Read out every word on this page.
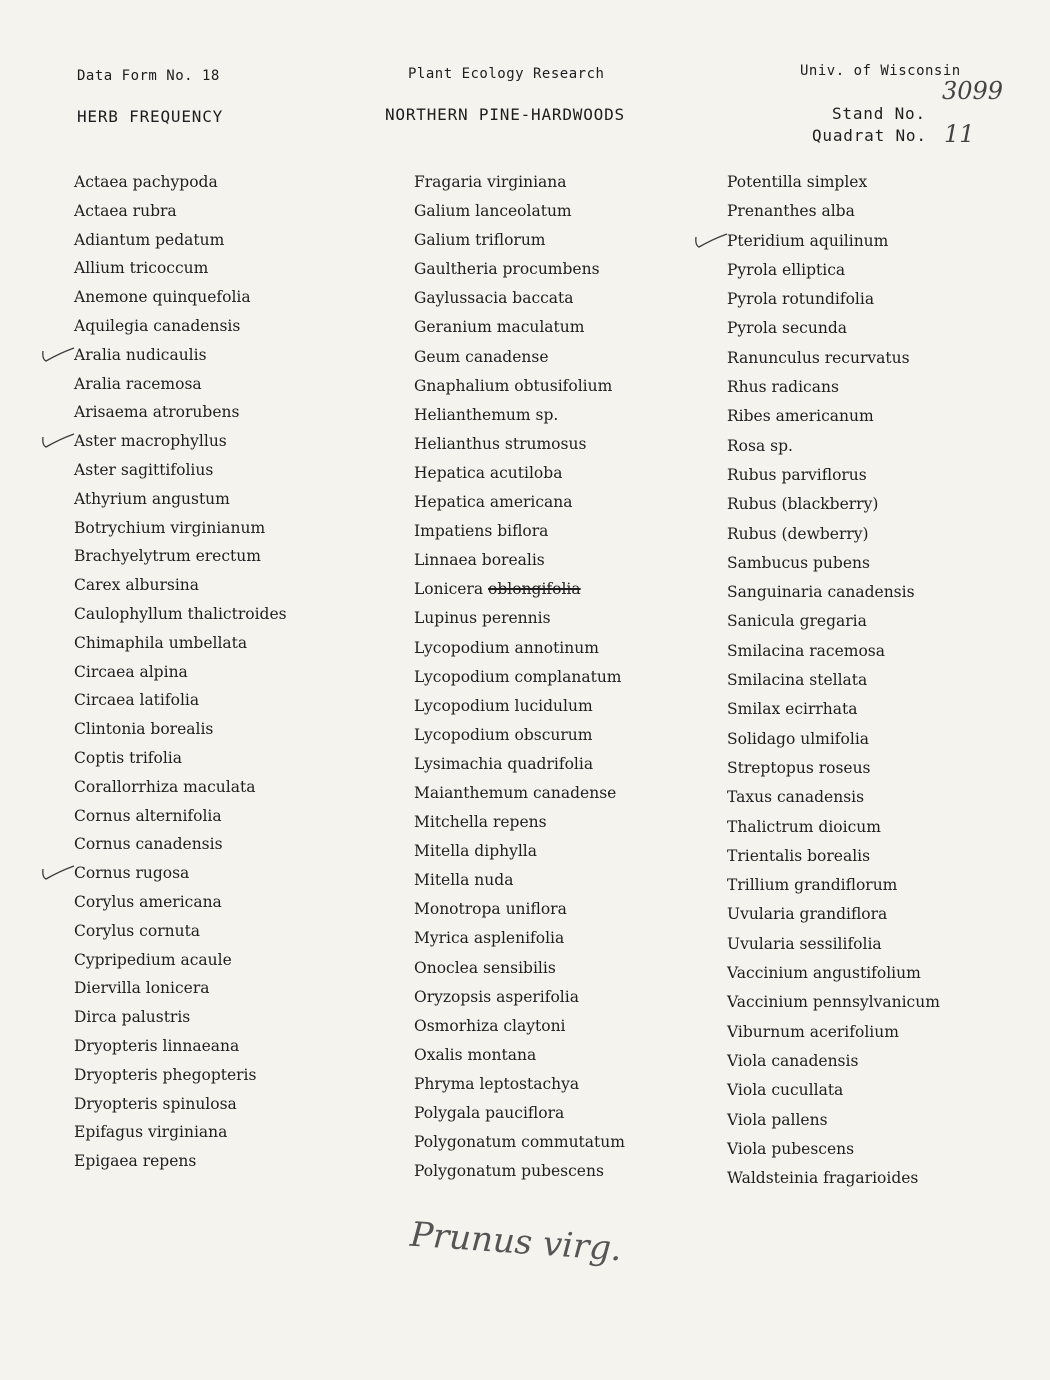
Data Form No. 18	Plant Ecology Research	Univ. of Wisconsin
HERB FREQUENCY	NORTHERN PINE-HARDWOODS	Stand No.
3099
Quadrat No. 11
Actaea pachypoda
Actaea rubra
Adiantum pedatum
Allium tricoccum
Anemone quinquefolia
Aquilegia canadensis
Aralia nudicaulis
Aralia racemosa
Arisaema atrorubens
Aster macrophyllus
Aster sagittifolius
Athyrium angustum
Botrychium virginianum
Brachyelytrum erectum
Carex albursina
Caulophyllum thalictroides
Chimaphila umbellata
Circaea alpina
Circaea latifolia
Clintonia borealis
Coptis trifolia
Corallorrhiza maculata
Cornus alternifolia
Cornus canadensis
Cornus rugosa
Corylus americana
Corylus cornuta
Cypripedium acaule
Diervilla lonicera
Dirca palustris
Dryopteris linnaeana
Dryopteris phegopteris
Dryopteris spinulosa
Epifagus virginiana
Epigaea repens
Fragaria virginiana
Galium lanceolatum
Galium triflorum
Gaultheria procumbens
Gaylussacia baccata
Geranium maculatum
Geum canadense
Gnaphalium obtusifolium
Helianthemum sp.
Helianthus strumosus
Hepatica acutiloba
Hepatica americana
Impatiens biflora
Linnaea borealis
Lonicera oblongifolia
Lupinus perennis
Lycopodium annotinum
Lycopodium complanatum
Lycopodium lucidulum
Lycopodium obscurum
Lysimachia quadrifolia
Maianthemum canadense
Mitchella repens
Mitella diphylla
Mitella nuda
Monotropa uniflora
Myrica asplenifolia
Onoclea sensibilis
Oryzopsis asperifolia
Osmorhiza claytoni
Oxalis montana
Phryma leptostachya
Polygala pauciflora
Polygonatum commutatum
Polygonatum pubescens
Potentilla simplex
Prenanthes alba
Pteridium aquilinum
Pyrola elliptica
Pyrola rotundifolia
Pyrola secunda
Ranunculus recurvatus
Rhus radicans
Ribes americanum
Rosa sp.
Rubus parviflorus
Rubus (blackberry)
Rubus (dewberry)
Sambucus pubens
Sanguinaria canadensis
Sanicula gregaria
Smilacina racemosa
Smilacina stellata
Smilax ecirrhata
Solidago ulmifolia
Streptopus roseus
Taxus canadensis
Thalictrum dioicum
Trientalis borealis
Trillium grandiflorum
Uvularia grandiflora
Uvularia sessilifolia
Vaccinium angustifolium
Vaccinium pennsylvanicum
Viburnum acerifolium
Viola canadensis
Viola cucullata
Viola pallens
Viola pubescens
Waldsteinia fragarioides
Prunus virg.
